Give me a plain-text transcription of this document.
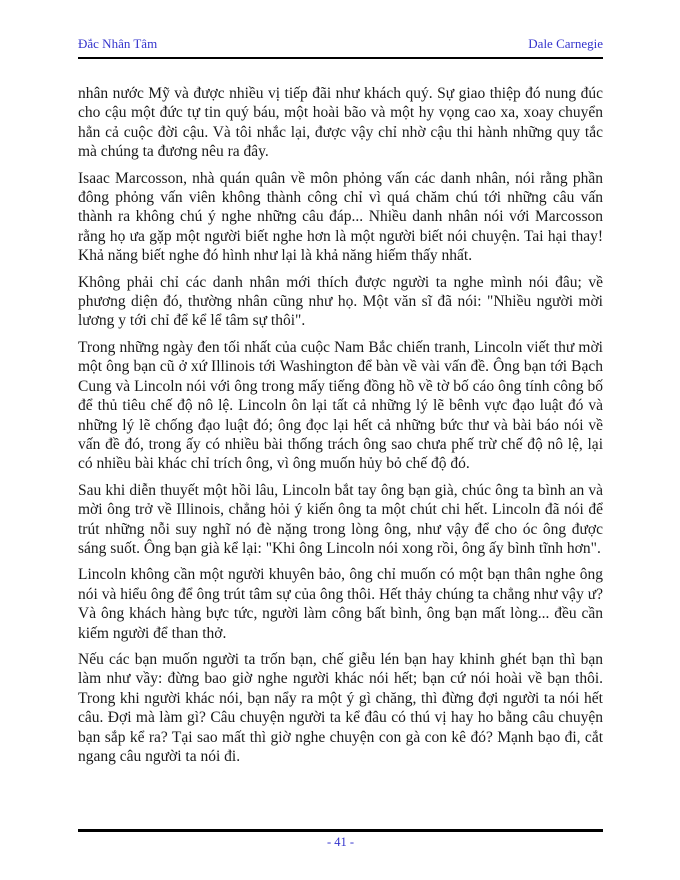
Đắc Nhân Tâm	Dale Carnegie

nhân nước Mỹ và được nhiều vị tiếp đãi như khách quý. Sự giao thiệp đó nung đúc cho cậu một đức tự tin quý báu, một hoài bão và một hy vọng cao xa, xoay chuyển hẳn cả cuộc đời cậu. Và tôi nhắc lại, được vậy chỉ nhờ cậu thi hành những quy tắc mà chúng ta đương nêu ra đây.

Isaac Marcosson, nhà quán quân về môn phỏng vấn các danh nhân, nói rằng phần đông phỏng vấn viên không thành công chỉ vì quá chăm chú tới những câu vấn thành ra không chú ý nghe những câu đáp... Nhiều danh nhân nói với Marcosson rằng họ ưa gặp một người biết nghe hơn là một người biết nói chuyện. Tai hại thay! Khả năng biết nghe đó hình như lại là khả năng hiếm thấy nhất.

Không phải chỉ các danh nhân mới thích được người ta nghe mình nói đâu; về phương diện đó, thường nhân cũng như họ. Một văn sĩ đã nói: "Nhiều người mời lương y tới chỉ để kể lể tâm sự thôi".

Trong những ngày đen tối nhất của cuộc Nam Bắc chiến tranh, Lincoln viết thư mời một ông bạn cũ ở xứ Illinois tới Washington để bàn về vài vấn đề. Ông bạn tới Bạch Cung và Lincoln nói với ông trong mấy tiếng đồng hồ về tờ bố cáo ông tính công bố để thủ tiêu chế độ nô lệ. Lincoln ôn lại tất cả những lý lẽ bênh vực đạo luật đó và những lý lẽ chống đạo luật đó; ông đọc lại hết cả những bức thư và bài báo nói về vấn đề đó, trong ấy có nhiều bài thống trách ông sao chưa phế trừ chế độ nô lệ, lại có nhiều bài khác chỉ trích ông, vì ông muốn hủy bỏ chế độ đó.

Sau khi diễn thuyết một hồi lâu, Lincoln bắt tay ông bạn già, chúc ông ta bình an và mời ông trở về Illinois, chẳng hỏi ý kiến ông ta một chút chi hết. Lincoln đã nói để trút những nỗi suy nghĩ nó đè nặng trong lòng ông, như vậy để cho óc ông được sáng suốt. Ông bạn già kể lại: "Khi ông Lincoln nói xong rồi, ông ấy bình tĩnh hơn".

Lincoln không cần một người khuyên bảo, ông chỉ muốn có một bạn thân nghe ông nói và hiểu ông để ông trút tâm sự của ông thôi. Hết thảy chúng ta chẳng như vậy ư? Và ông khách hàng bực tức, người làm công bất bình, ông bạn mất lòng... đều cần kiếm người để than thở.

Nếu các bạn muốn người ta trốn bạn, chế giễu lén bạn hay khinh ghét bạn thì bạn làm như vầy: đừng bao giờ nghe người khác nói hết; bạn cứ nói hoài về bạn thôi. Trong khi người khác nói, bạn nẩy ra một ý gì chăng, thì đừng đợi người ta nói hết câu. Đợi mà làm gì? Câu chuyện người ta kể đâu có thú vị hay ho bằng câu chuyện bạn sắp kể ra? Tại sao mất thì giờ nghe chuyện con gà con kê đó? Mạnh bạo đi, cắt ngang câu người ta nói đi.

- 41 -
